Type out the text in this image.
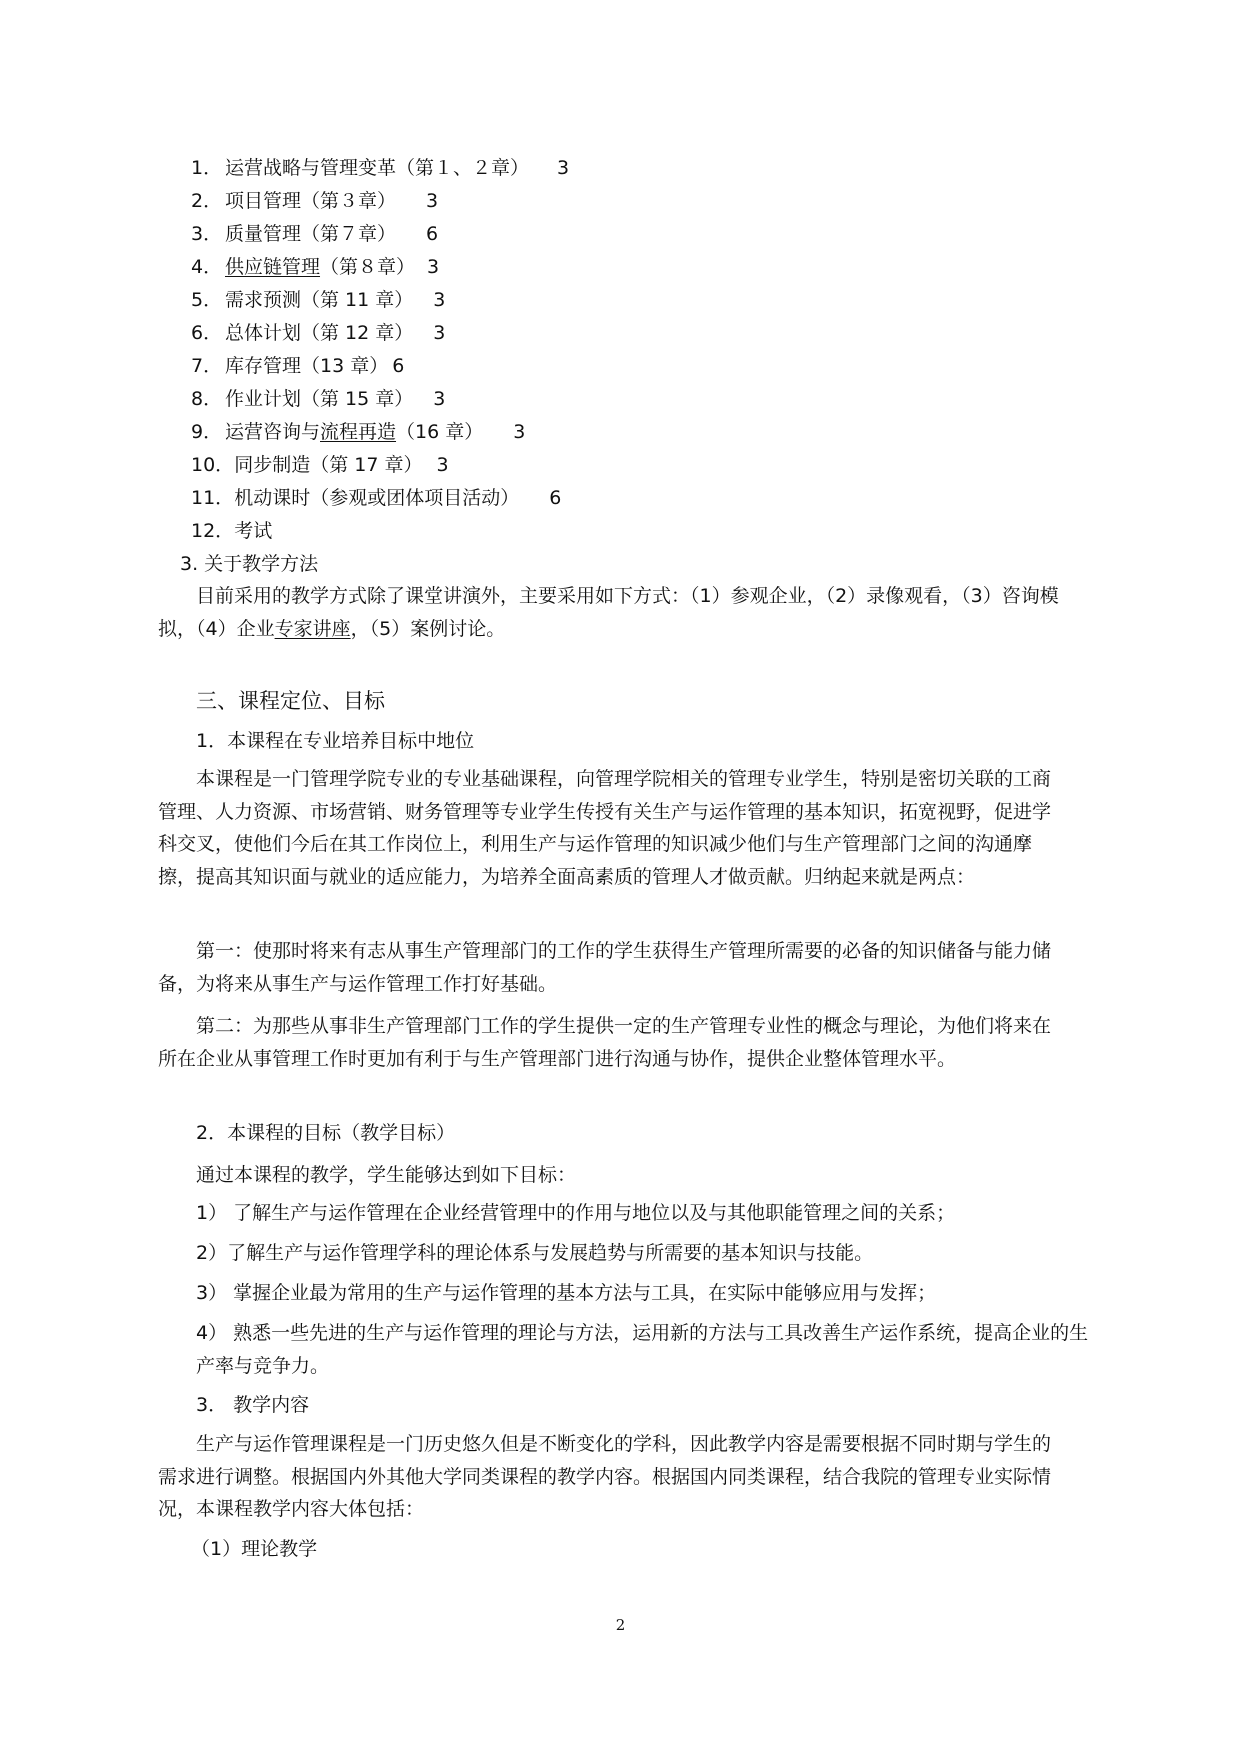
1． 运营战略与管理变革（第１、２章） 3
2． 项目管理（第３章） 3
3． 质量管理（第７章） 6
4． 供应链管理（第８章） 3
5． 需求预测（第 11 章） 3
6． 总体计划（第 12 章） 3
7． 库存管理（13 章） 6
8． 作业计划（第 15 章） 3
9． 运营咨询与流程再造（16 章） 3
10．同步制造（第 17 章） 3
11．机动课时（参观或团体项目活动） 6
12．考试
3. 关于教学方法
目前采用的教学方式除了课堂讲演外，主要采用如下方式：（1）参观企业，（2）录像观看，（3）咨询模拟，（4）企业专家讲座，（5）案例讨论。
三、课程定位、目标
1．本课程在专业培养目标中地位
本课程是一门管理学院专业的专业基础课程，向管理学院相关的管理专业学生，特别是密切关联的工商管理、人力资源、市场营销、财务管理等专业学生传授有关生产与运作管理的基本知识，拓宽视野，促进学科交叉，使他们今后在其工作岗位上，利用生产与运作管理的知识减少他们与生产管理部门之间的沟通摩擦，提高其知识面与就业的适应能力，为培养全面高素质的管理人才做贡献。归纳起来就是两点：
第一：使那时将来有志从事生产管理部门的工作的学生获得生产管理所需要的必备的知识储备与能力储备，为将来从事生产与运作管理工作打好基础。
第二：为那些从事非生产管理部门工作的学生提供一定的生产管理专业性的概念与理论，为他们将来在所在企业从事管理工作时更加有利于与生产管理部门进行沟通与协作，提供企业整体管理水平。
2．本课程的目标（教学目标）
通过本课程的教学，学生能够达到如下目标：
1） 了解生产与运作管理在企业经营管理中的作用与地位以及与其他职能管理之间的关系；
2）了解生产与运作管理学科的理论体系与发展趋势与所需要的基本知识与技能。
3） 掌握企业最为常用的生产与运作管理的基本方法与工具，在实际中能够应用与发挥；
4） 熟悉一些先进的生产与运作管理的理论与方法，运用新的方法与工具改善生产运作系统，提高企业的生产率与竞争力。
3． 教学内容
生产与运作管理课程是一门历史悠久但是不断变化的学科，因此教学内容是需要根据不同时期与学生的需求进行调整。根据国内外其他大学同类课程的教学内容。根据国内同类课程，结合我院的管理专业实际情况，本课程教学内容大体包括：
（1）理论教学
2
